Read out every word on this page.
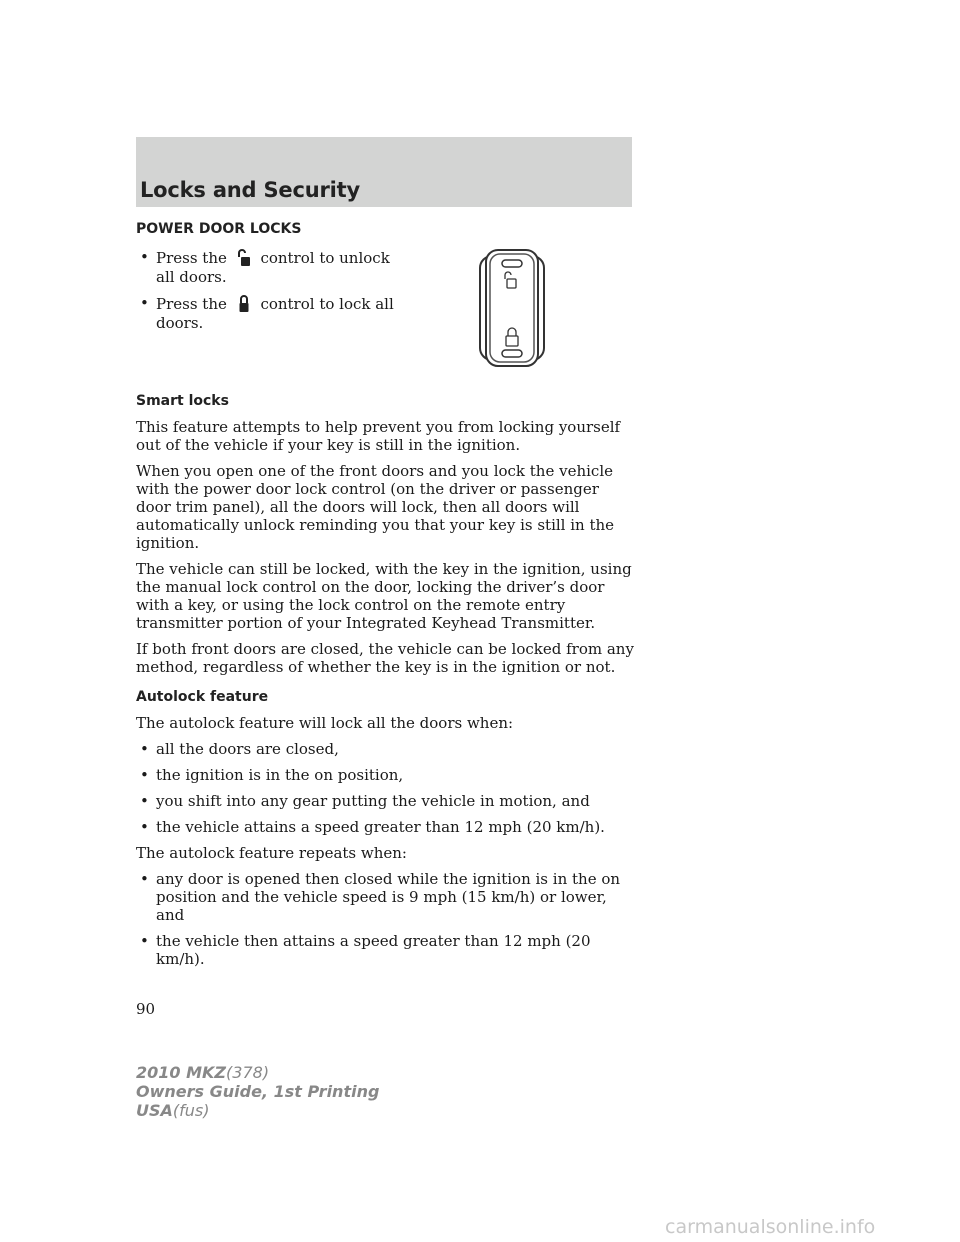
Locks and Security
POWER DOOR LOCKS
• Press the control to unlock all doors.
• Press the control to lock all doors.
Smart locks

This feature attempts to help prevent you from locking yourself out of the vehicle if your key is still in the ignition.

When you open one of the front doors and you lock the vehicle with the power door lock control (on the driver or passenger door trim panel), all the doors will lock, then all doors will automatically unlock reminding you that your key is still in the ignition.

The vehicle can still be locked, with the key in the ignition, using the manual lock control on the door, locking the driver’s door with a key, or using the lock control on the remote entry transmitter portion of your Integrated Keyhead Transmitter.

If both front doors are closed, the vehicle can be locked from any method, regardless of whether the key is in the ignition or not.

Autolock feature

The autolock feature will lock all the doors when:

• all the doors are closed,
• the ignition is in the on position,
• you shift into any gear putting the vehicle in motion, and
• the vehicle attains a speed greater than 12 mph (20 km/h).

The autolock feature repeats when:

• any door is opened then closed while the ignition is in the on position and the vehicle speed is 9 mph (15 km/h) or lower, and
• the vehicle then attains a speed greater than 12 mph (20 km/h).
90
2010 MKZ(378)
Owners Guide, 1st Printing
USA(fus)
carmanualsonline.info
